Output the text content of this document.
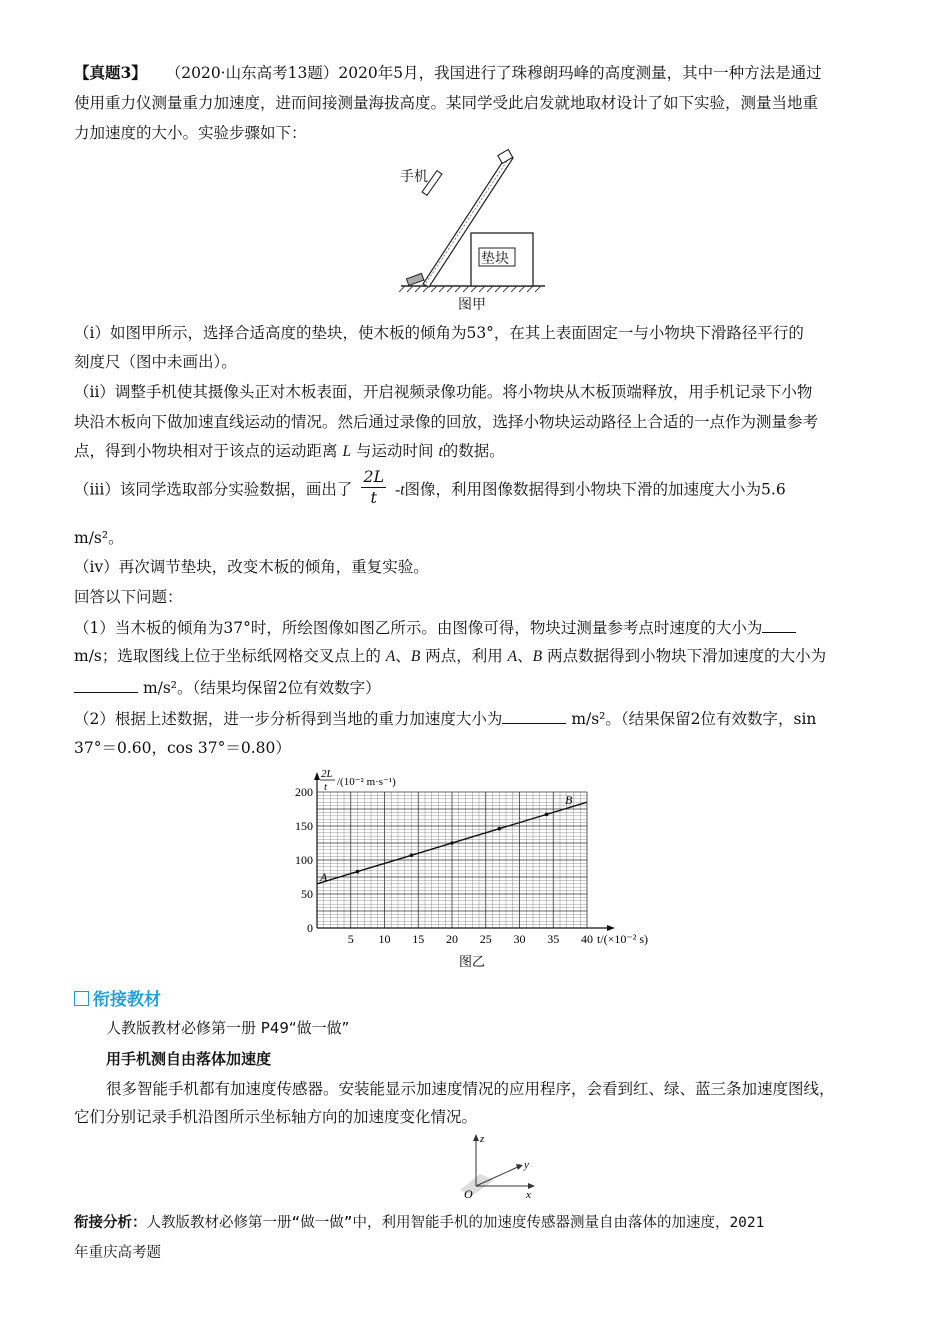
【真题3】 （2020·山东高考13题）2020年5月，我国进行了珠穆朗玛峰的高度测量，其中一种方法是通过
使用重力仪测量重力加速度，进而间接测量海拔高度。某同学受此启发就地取材设计了如下实验，测量当地重
力加速度的大小。实验步骤如下：
手机
垫块
图甲
（ⅰ）如图甲所示，选择合适高度的垫块，使木板的倾角为53°，在其上表面固定一与小物块下滑路径平行的
刻度尺（图中未画出）。
（ⅱ）调整手机使其摄像头正对木板表面，开启视频录像功能。将小物块从木板顶端释放，用手机记录下小物
块沿木板向下做加速直线运动的情况。然后通过录像的回放，选择小物块运动路径上合适的一点作为测量参考
点，得到小物块相对于该点的运动距离 L 与运动时间 t的数据。
（ⅲ）该同学选取部分实验数据，画出了 $\frac{2L}{t} -t$图像，利用图像数据得到小物块下滑的加速度大小为5.6
m/s²。
（ⅳ）再次调节垫块，改变木板的倾角，重复实验。
回答以下问题：
（1）当木板的倾角为37°时，所绘图像如图乙所示。由图像可得，物块过测量参考点时速度的大小为
m/s；选取图线上位于坐标纸网格交叉点上的 A、B 两点，利用 A、B 两点数据得到小物块下滑加速度的大小为
m/s²。（结果均保留2位有效数字）
（2）根据上述数据，进一步分析得到当地的重力加速度大小为	m/s²。（结果保留2位有效数字，sin
37°＝0.60，cos 37°＝0.80）
5 10 15 20 25 30 35 40
0
50
100
150
200
A
B
2L
t /(10⁻² m·s⁻¹)
t/(×10⁻² s)
图乙
衔接教材
人教版教材必修第一册 P49“做一做”
用手机测自由落体加速度
很多智能手机都有加速度传感器。安装能显示加速度情况的应用程序，会看到红、绿、蓝三条加速度图线，
它们分别记录手机沿图所示坐标轴方向的加速度变化情况。
z
y
x
O
衔接分析：人教版教材必修第一册“做一做”中，利用智能手机的加速度传感器测量自由落体的加速度，2021
年重庆高考题
